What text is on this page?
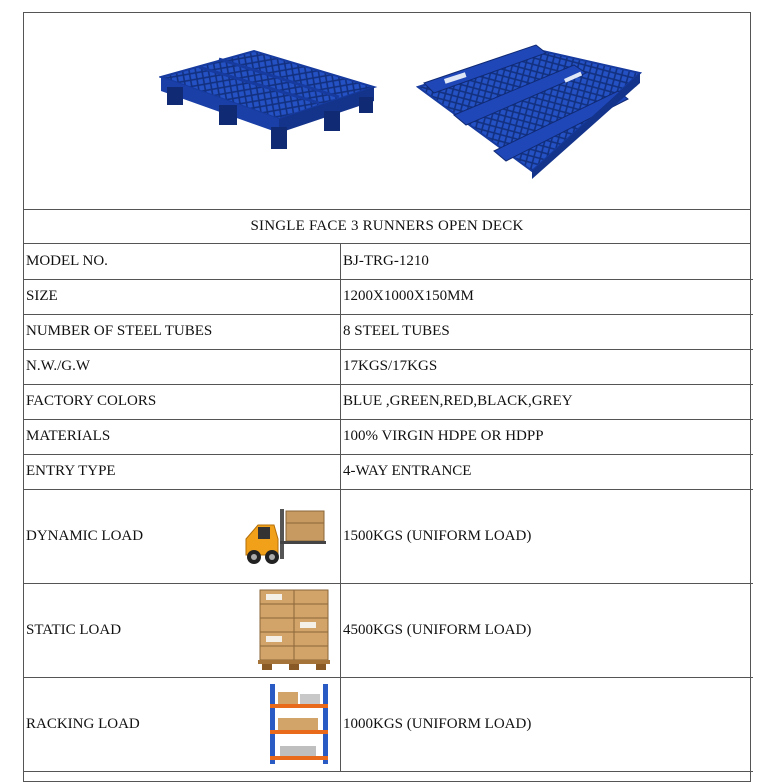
SINGLE FACE 3 RUNNERS OPEN DECK
MODEL NO.	BJ-TRG-1210
SIZE	1200X1000X150MM
NUMBER OF STEEL TUBES	8 STEEL TUBES
N.W./G.W	17KGS/17KGS
FACTORY COLORS	BLUE ,GREEN,RED,BLACK,GREY
MATERIALS	100% VIRGIN HDPE OR HDPP
ENTRY TYPE	4-WAY ENTRANCE
DYNAMIC LOAD	1500KGS (UNIFORM LOAD)
STATIC LOAD	4500KGS (UNIFORM LOAD)
RACKING LOAD	1000KGS (UNIFORM LOAD)
